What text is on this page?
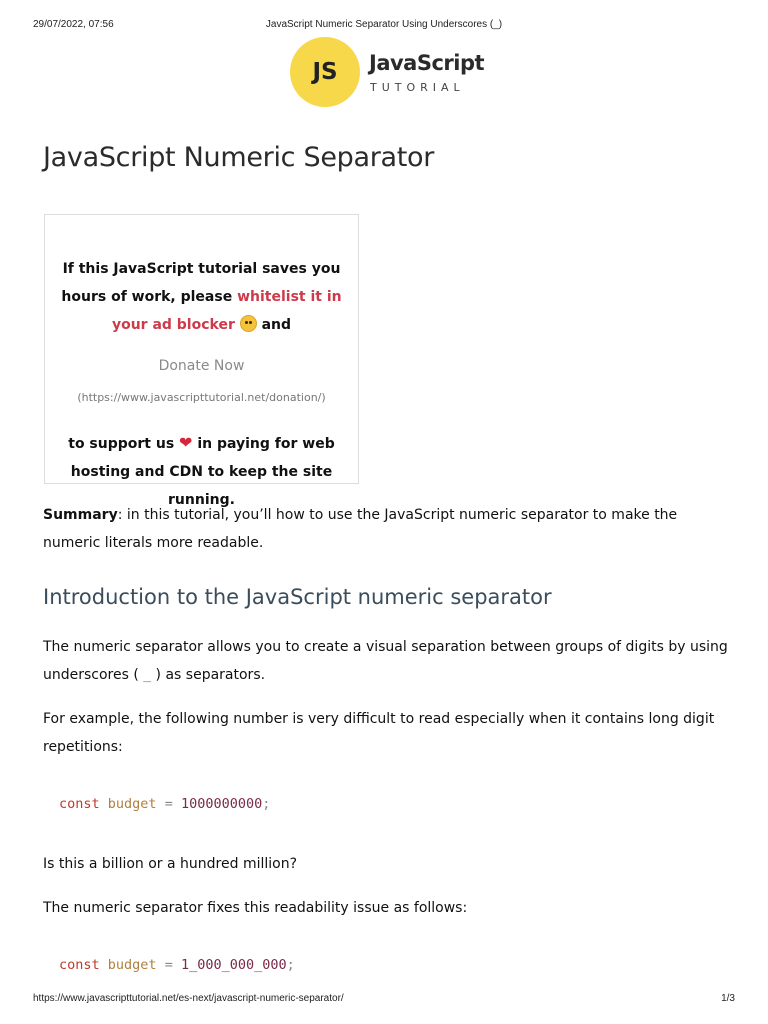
29/07/2022, 07:56	JavaScript Numeric Separator Using Underscores (_)
JS	JavaScript
TUTORIAL
JavaScript Numeric Separator
If this JavaScript tutorial saves you
hours of work, please whitelist it in
your ad blocker  and
Donate Now
(https://www.javascripttutorial.net/donation/)
to support us ❤ in paying for web
hosting and CDN to keep the site
running.

Summary: in this tutorial, you’ll how to use the JavaScript numeric separator to make the numeric literals more readable.

Introduction to the JavaScript numeric separator

The numeric separator allows you to create a visual separation between groups of digits by using underscores ( _ ) as separators.

For example, the following number is very difficult to read especially when it contains long digit repetitions:

const budget = 1000000000;

Is this a billion or a hundred million?

The numeric separator fixes this readability issue as follows:

const budget = 1_000_000_000;

https://www.javascripttutorial.net/es-next/javascript-numeric-separator/	1/3
